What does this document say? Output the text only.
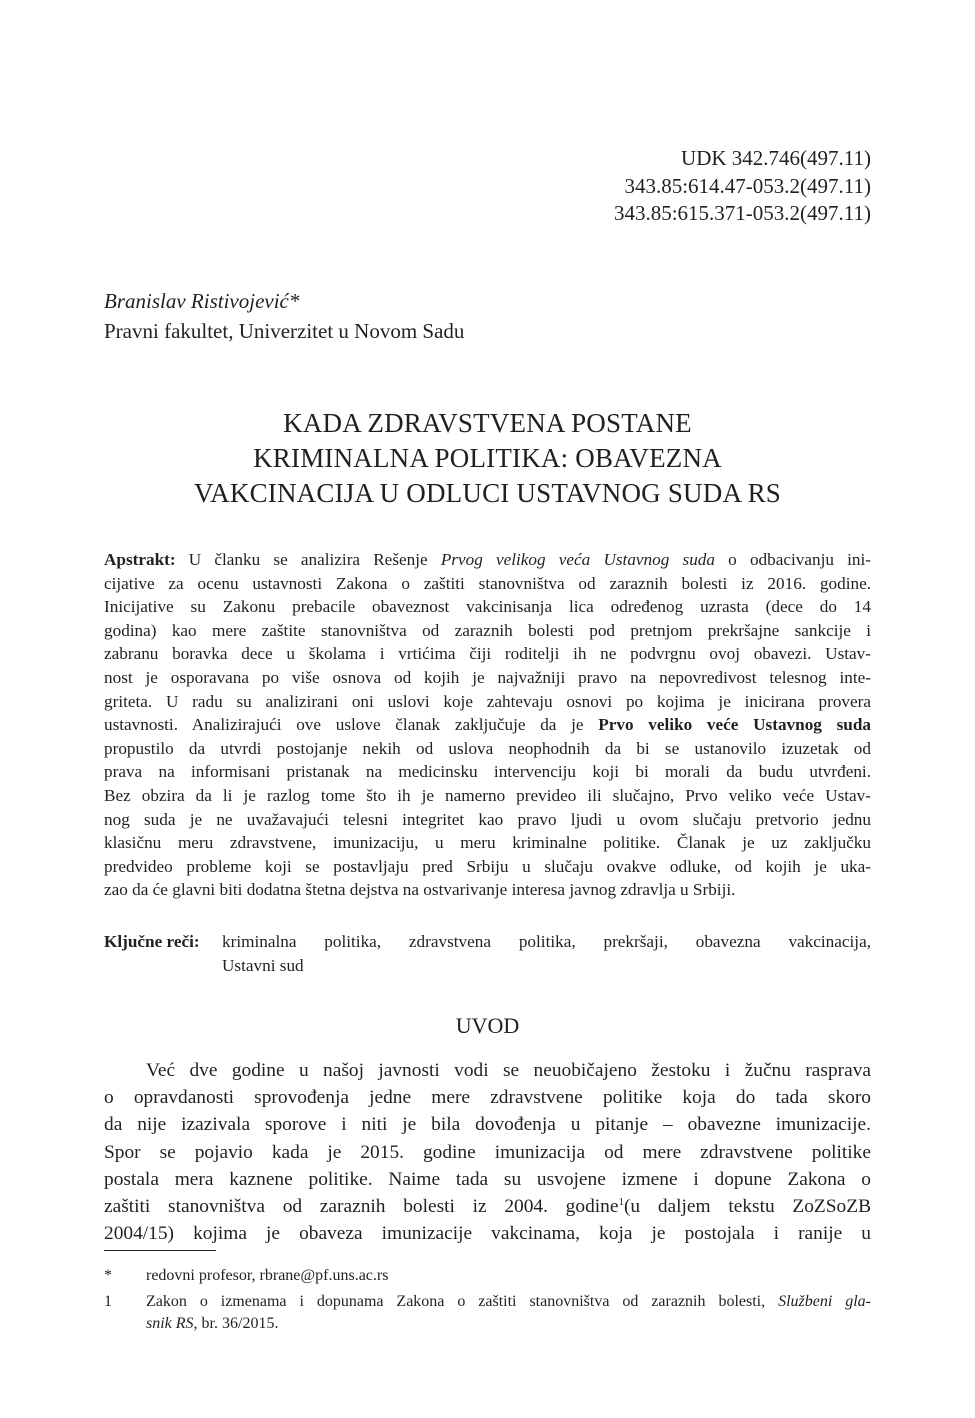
UDK 342.746(497.11)
343.85:614.47-053.2(497.11)
343.85:615.371-053.2(497.11)
Branislav Ristivojević*
Pravni fakultet, Univerzitet u Novom Sadu
KADA ZDRAVSTVENA POSTANE
KRIMINALNA POLITIKA: OBAVEZNA
VAKCINACIJA U ODLUCI USTAVNOG SUDA RS
Apstrakt: U članku se analizira Rešenje Prvog velikog veća Ustavnog suda o odbacivanju ini-
cijative za ocenu ustavnosti Zakona o zaštiti stanovništva od zaraznih bolesti iz 2016. godine.
Inicijative su Zakonu prebacile obaveznost vakcinisanja lica određenog uzrasta (dece do 14
godina) kao mere zaštite stanovništva od zaraznih bolesti pod pretnjom prekršajne sankcije i
zabranu boravka dece u školama i vrtićima čiji roditelji ih ne podvrgnu ovoj obavezi. Ustav-
nost je osporavana po više osnova od kojih je najvažniji pravo na nepovredivost telesnog inte-
griteta. U radu su analizirani oni uslovi koje zahtevaju osnovi po kojima je inicirana provera
ustavnosti. Analizirajući ove uslove članak zaključuje da je Prvo veliko veće Ustavnog suda
propustilo da utvrdi postojanje nekih od uslova neophodnih da bi se ustanovilo izuzetak od
prava na informisani pristanak na medicinsku intervenciju koji bi morali da budu utvrđeni.
Bez obzira da li je razlog tome što ih je namerno prevideo ili slučajno, Prvo veliko veće Ustav-
nog suda je ne uvažavajući telesni integritet kao pravo ljudi u ovom slučaju pretvorio jednu
klasičnu meru zdravstvene, imunizaciju, u meru kriminalne politike. Članak je uz zaključku
predvideo probleme koji se postavljaju pred Srbiju u slučaju ovakve odluke, od kojih je uka-
zao da će glavni biti dodatna štetna dejstva na ostvarivanje interesa javnog zdravlja u Srbiji.
Ključne reči: kriminalna politika, zdravstvena politika, prekršaji, obavezna vakcinacija,
Ustavni sud
UVOD
Već dve godine u našoj javnosti vodi se neuobičajeno žestoku i žučnu rasprava
o opravdanosti sprovođenja jedne mere zdravstvene politike koja do tada skoro
da nije izazivala sporove i niti je bila dovođenja u pitanje – obavezne imunizacije.
Spor se pojavio kada je 2015. godine imunizacija od mere zdravstvene politike
postala mera kaznene politike. Naime tada su usvojene izmene i dopune Zakona o
zaštiti stanovništva od zaraznih bolesti iz 2004. godine$^1$(u daljem tekstu ZoZSoZB
2004/15) kojima je obaveza imunizacije vakcinama, koja je postojala i ranije u
* redovni profesor, rbrane@pf.uns.ac.rs
1 Zakon o izmenama i dopunama Zakona o zaštiti stanovništva od zaraznih bolesti, Službeni gla-
snik RS, br. 36/2015.
